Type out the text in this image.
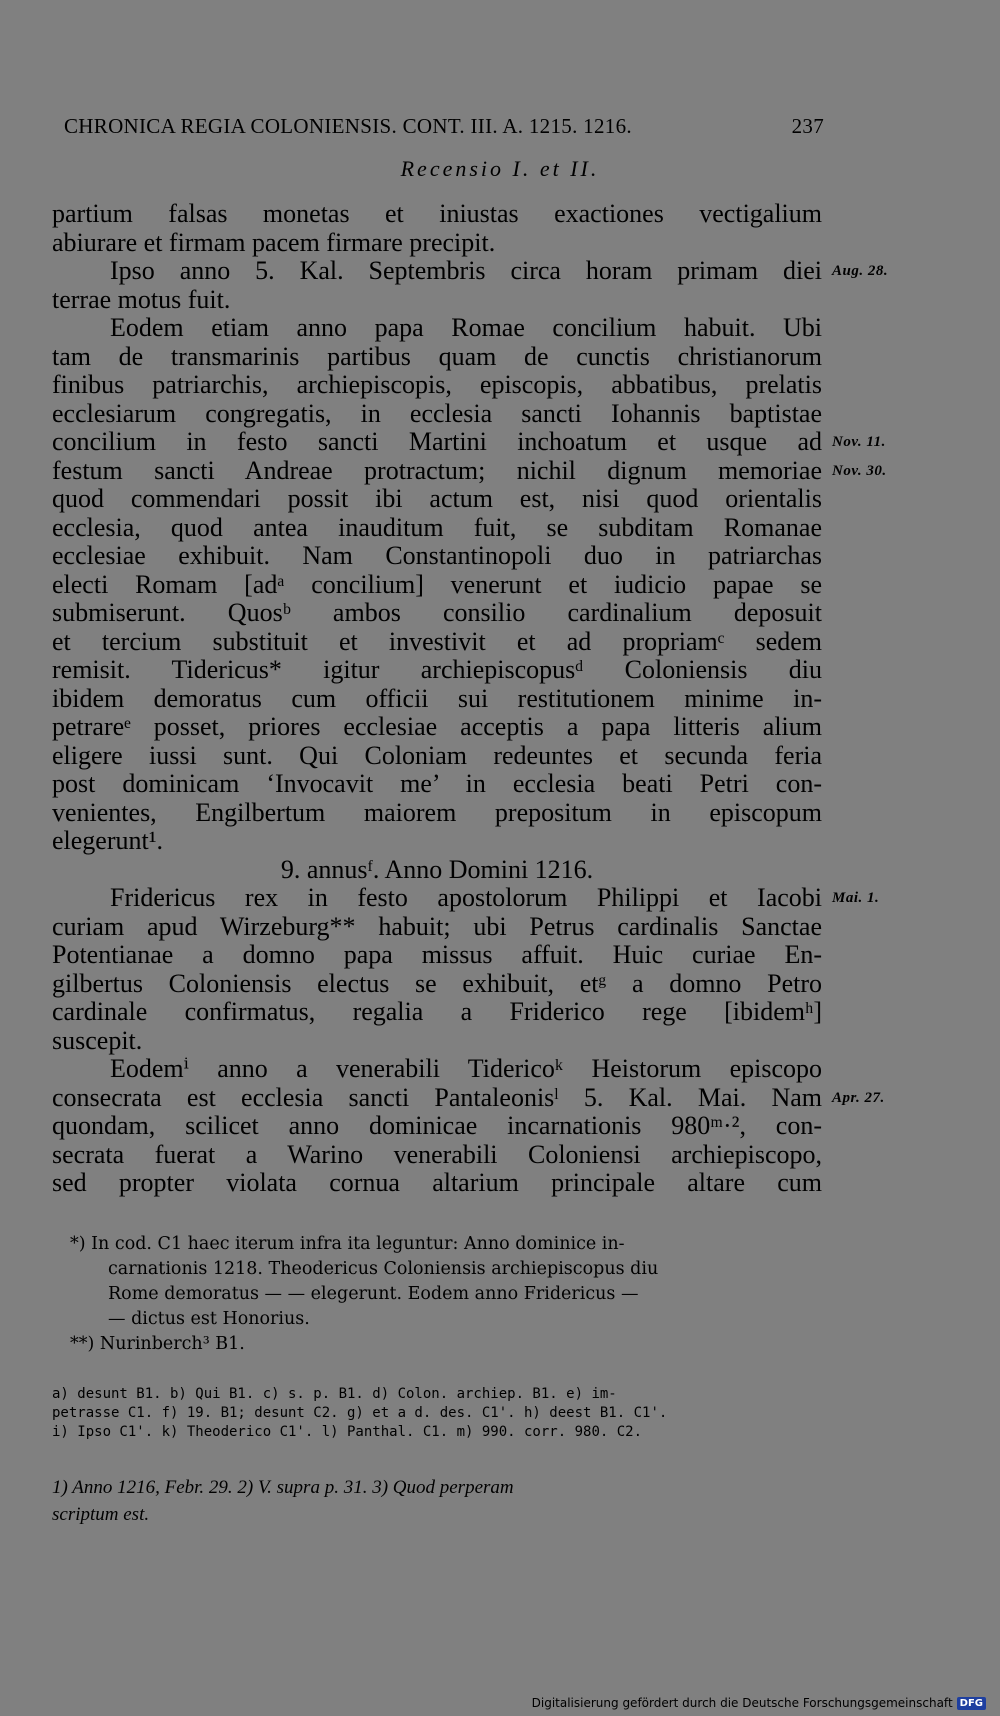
CHRONICA REGIA COLONIENSIS. CONT. III. A. 1215. 1216.	237
Recensio I. et II.
partium falsas monetas et iniustas exactiones vectigalium
abiurare et firmam pacem firmare precipit.
Ipso anno 5. Kal. Septembris circa horam primam diei Aug. 28.
terrae motus fuit.
Eodem etiam anno papa Romae concilium habuit. Ubi
tam de transmarinis partibus quam de cunctis christianorum
finibus patriarchis, archiepiscopis, episcopis, abbatibus, prelatis
ecclesiarum congregatis, in ecclesia sancti Iohannis baptistae
concilium in festo sancti Martini inchoatum et usque ad Nov. 11.
festum sancti Andreae protractum; nichil dignum memoriae Nov. 30.
quod commendari possit ibi actum est, nisi quod orientalis
ecclesia, quod antea inauditum fuit, se subditam Romanae
ecclesiae exhibuit. Nam Constantinopoli duo in patriarchas
electi Romam [adᵃ concilium] venerunt et iudicio papae se
submiserunt. Quosᵇ ambos consilio cardinalium deposuit
et tercium substituit et investivit et ad propriamᶜ sedem
remisit. Tidericus* igitur archiepiscopusᵈ Coloniensis diu
ibidem demoratus cum officii sui restitutionem minime in-
petrareᵉ posset, priores ecclesiae acceptis a papa litteris alium
eligere iussi sunt. Qui Coloniam redeuntes et secunda feria
post dominicam ‘Invocavit me’ in ecclesia beati Petri con-
venientes, Engilbertum maiorem prepositum in episcopum
elegerunt¹.
9. annusᶠ. Anno Domini 1216.
Fridericus rex in festo apostolorum Philippi et Iacobi Mai. 1.
curiam apud Wirzeburg** habuit; ubi Petrus cardinalis Sanctae
Potentianae a domno papa missus affuit. Huic curiae En-
gilbertus Coloniensis electus se exhibuit, etᵍ a domno Petro
cardinale confirmatus, regalia a Friderico rege [ibidemʰ]
suscepit.
Eodemⁱ anno a venerabili Tidericoᵏ Heistorum episcopo
consecrata est ecclesia sancti Pantaleonisˡ 5. Kal. Mai. Nam Apr. 27.
quondam, scilicet anno dominicae incarnationis 980ᵐ·², con-
secrata fuerat a Warino venerabili Coloniensi archiepiscopo,
sed propter violata cornua altarium principale altare cum
*) In cod. C1 haec iterum infra ita leguntur: Anno dominice in-
carnationis 1218. Theodericus Coloniensis archiepiscopus diu
Rome demoratus — — elegerunt. Eodem anno Fridericus —
— dictus est Honorius.
**) Nurinberch³ B1.
a) desunt B1. b) Qui B1. c) s. p. B1. d) Colon. archiep. B1. e) im-
petrasse C1. f) 19. B1; desunt C2. g) et a d. des. C1'. h) deest B1. C1'.
i) Ipso C1'. k) Theoderico C1'. l) Panthal. C1. m) 990. corr. 980. C2.
1) Anno 1216, Febr. 29. 2) V. supra p. 31. 3) Quod perperam
scriptum est.
Digitalisierung gefördert durch die Deutsche Forschungsgemeinschaft DFG
